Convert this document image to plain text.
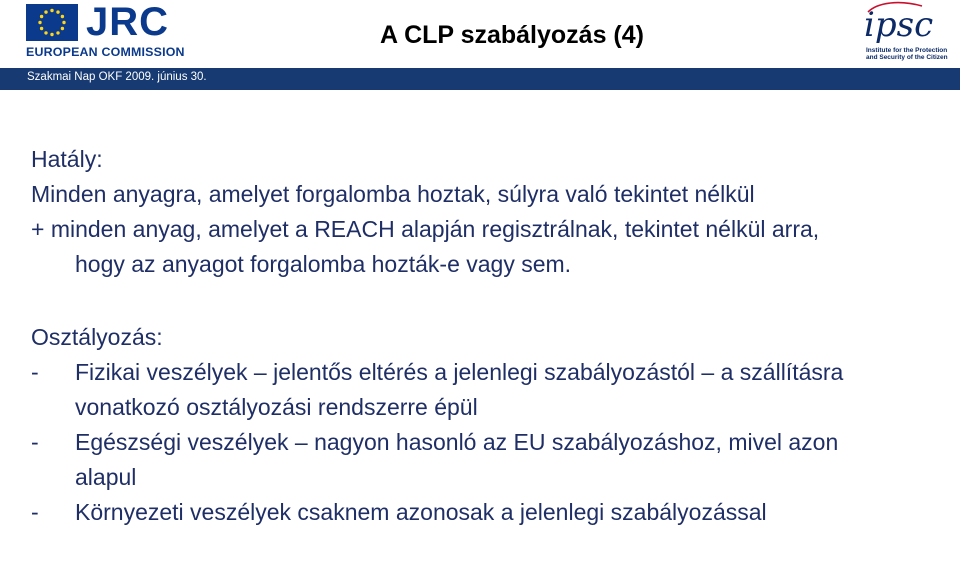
JRC
EUROPEAN COMMISSION
A CLP szabályozás (4)	ipsc
Institute for the Protection
and Security of the Citizen
Szakmai Nap OKF 2009. június 30.

Hatály:

Minden anyagra, amelyet forgalomba hoztak, súlyra való tekintet nélkül

+ minden anyag, amelyet a REACH alapján regisztrálnak, tekintet nélkül arra,

hogy az anyagot forgalomba hozták-e vagy sem.

Osztályozás:

-	Fizikai veszélyek – jelentős eltérés a jelenlegi szabályozástól – a szállításra
vonatkozó osztályozási rendszerre épül
-	Egészségi veszélyek – nagyon hasonló az EU szabályozáshoz, mivel azon
alapul
-	Környezeti veszélyek csaknem azonosak a jelenlegi szabályozással
